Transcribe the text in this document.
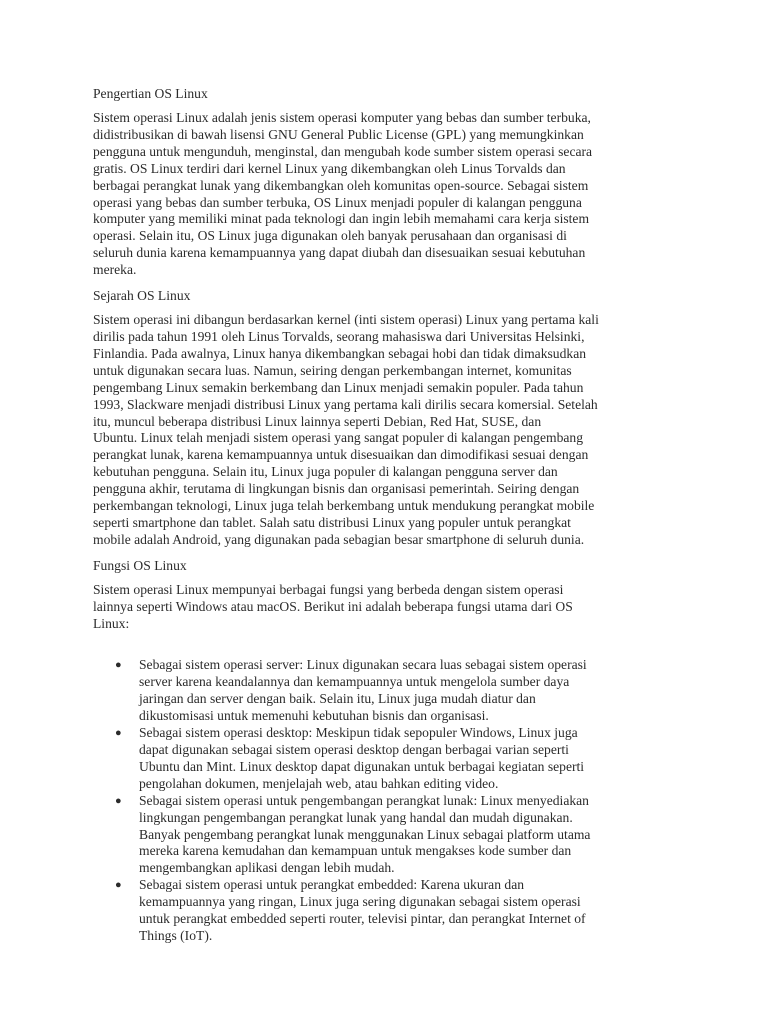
Pengertian OS Linux
Sistem operasi Linux adalah jenis sistem operasi komputer yang bebas dan sumber terbuka,
didistribusikan di bawah lisensi GNU General Public License (GPL) yang memungkinkan
pengguna untuk mengunduh, menginstal, dan mengubah kode sumber sistem operasi secara
gratis. OS Linux terdiri dari kernel Linux yang dikembangkan oleh Linus Torvalds dan
berbagai perangkat lunak yang dikembangkan oleh komunitas open-source. Sebagai sistem
operasi yang bebas dan sumber terbuka, OS Linux menjadi populer di kalangan pengguna
komputer yang memiliki minat pada teknologi dan ingin lebih memahami cara kerja sistem
operasi. Selain itu, OS Linux juga digunakan oleh banyak perusahaan dan organisasi di
seluruh dunia karena kemampuannya yang dapat diubah dan disesuaikan sesuai kebutuhan
mereka.
Sejarah OS Linux
Sistem operasi ini dibangun berdasarkan kernel (inti sistem operasi) Linux yang pertama kali
dirilis pada tahun 1991 oleh Linus Torvalds, seorang mahasiswa dari Universitas Helsinki,
Finlandia. Pada awalnya, Linux hanya dikembangkan sebagai hobi dan tidak dimaksudkan
untuk digunakan secara luas. Namun, seiring dengan perkembangan internet, komunitas
pengembang Linux semakin berkembang dan Linux menjadi semakin populer. Pada tahun
1993, Slackware menjadi distribusi Linux yang pertama kali dirilis secara komersial. Setelah
itu, muncul beberapa distribusi Linux lainnya seperti Debian, Red Hat, SUSE, dan
Ubuntu. Linux telah menjadi sistem operasi yang sangat populer di kalangan pengembang
perangkat lunak, karena kemampuannya untuk disesuaikan dan dimodifikasi sesuai dengan
kebutuhan pengguna. Selain itu, Linux juga populer di kalangan pengguna server dan
pengguna akhir, terutama di lingkungan bisnis dan organisasi pemerintah. Seiring dengan
perkembangan teknologi, Linux juga telah berkembang untuk mendukung perangkat mobile
seperti smartphone dan tablet. Salah satu distribusi Linux yang populer untuk perangkat
mobile adalah Android, yang digunakan pada sebagian besar smartphone di seluruh dunia.
Fungsi OS Linux
Sistem operasi Linux mempunyai berbagai fungsi yang berbeda dengan sistem operasi
lainnya seperti Windows atau macOS. Berikut ini adalah beberapa fungsi utama dari OS
Linux:
● Sebagai sistem operasi server: Linux digunakan secara luas sebagai sistem operasi
server karena keandalannya dan kemampuannya untuk mengelola sumber daya
jaringan dan server dengan baik. Selain itu, Linux juga mudah diatur dan
dikustomisasi untuk memenuhi kebutuhan bisnis dan organisasi.
● Sebagai sistem operasi desktop: Meskipun tidak sepopuler Windows, Linux juga
dapat digunakan sebagai sistem operasi desktop dengan berbagai varian seperti
Ubuntu dan Mint. Linux desktop dapat digunakan untuk berbagai kegiatan seperti
pengolahan dokumen, menjelajah web, atau bahkan editing video.
● Sebagai sistem operasi untuk pengembangan perangkat lunak: Linux menyediakan
lingkungan pengembangan perangkat lunak yang handal dan mudah digunakan.
Banyak pengembang perangkat lunak menggunakan Linux sebagai platform utama
mereka karena kemudahan dan kemampuan untuk mengakses kode sumber dan
mengembangkan aplikasi dengan lebih mudah.
● Sebagai sistem operasi untuk perangkat embedded: Karena ukuran dan
kemampuannya yang ringan, Linux juga sering digunakan sebagai sistem operasi
untuk perangkat embedded seperti router, televisi pintar, dan perangkat Internet of
Things (IoT).
